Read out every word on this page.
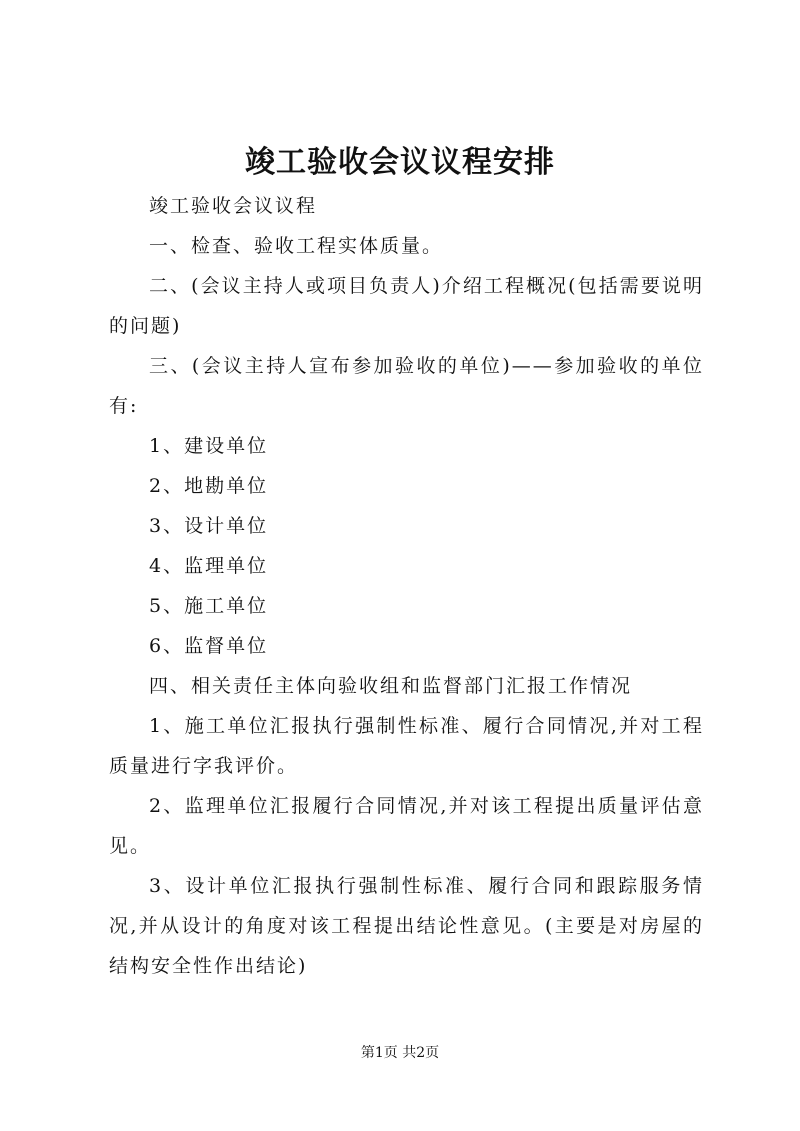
竣工验收会议议程安排

竣工验收会议议程

一、检查、验收工程实体质量。

二、(会议主持人或项目负责人)介绍工程概况(包括需要说明的问题)

三、(会议主持人宣布参加验收的单位)——参加验收的单位有:

1、建设单位

2、地勘单位

3、设计单位

4、监理单位

5、施工单位

6、监督单位

四、相关责任主体向验收组和监督部门汇报工作情况

1、施工单位汇报执行强制性标准、履行合同情况,并对工程质量进行字我评价。

2、监理单位汇报履行合同情况,并对该工程提出质量评估意见。

3、设计单位汇报执行强制性标准、履行合同和跟踪服务情况,并从设计的角度对该工程提出结论性意见。(主要是对房屋的结构安全性作出结论)

第1页 共2页
